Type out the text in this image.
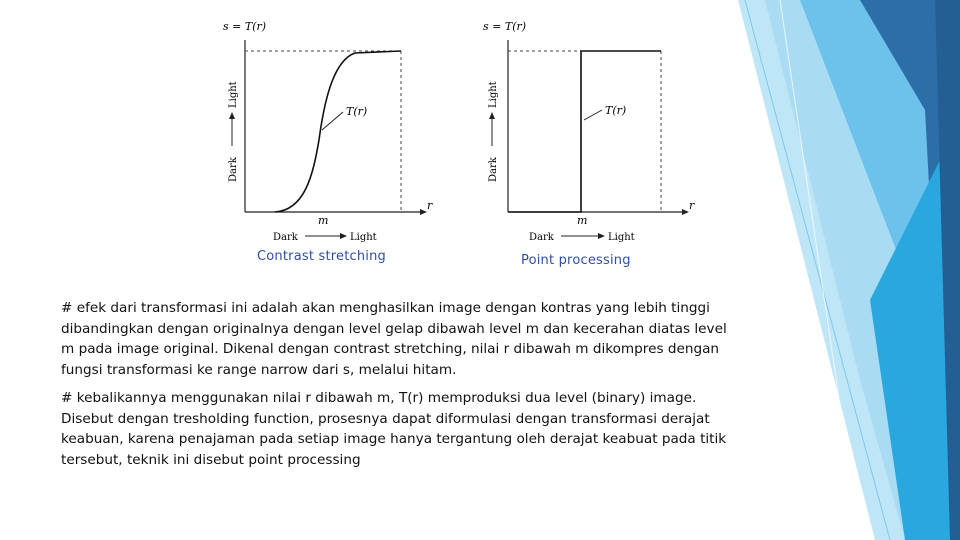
s = T(r)
T(r)
Light
Dark
m
r
Dark	Light
Contrast stretching
s = T(r)
T(r)
Light
Dark
m
r
Dark	Light
Point processing

# efek dari transformasi ini adalah akan menghasilkan image dengan kontras yang lebih tinggi dibandingkan dengan originalnya dengan level gelap dibawah level m dan kecerahan diatas level m pada image original. Dikenal dengan contrast stretching, nilai r dibawah m dikompres dengan fungsi transformasi ke range narrow dari s, melalui hitam.

# kebalikannya menggunakan nilai r dibawah m, T(r) memproduksi dua level (binary) image. Disebut dengan tresholding function, prosesnya dapat diformulasi dengan transformasi derajat keabuan, karena penajaman pada setiap image hanya tergantung oleh derajat keabuat pada titik tersebut, teknik ini disebut point processing
